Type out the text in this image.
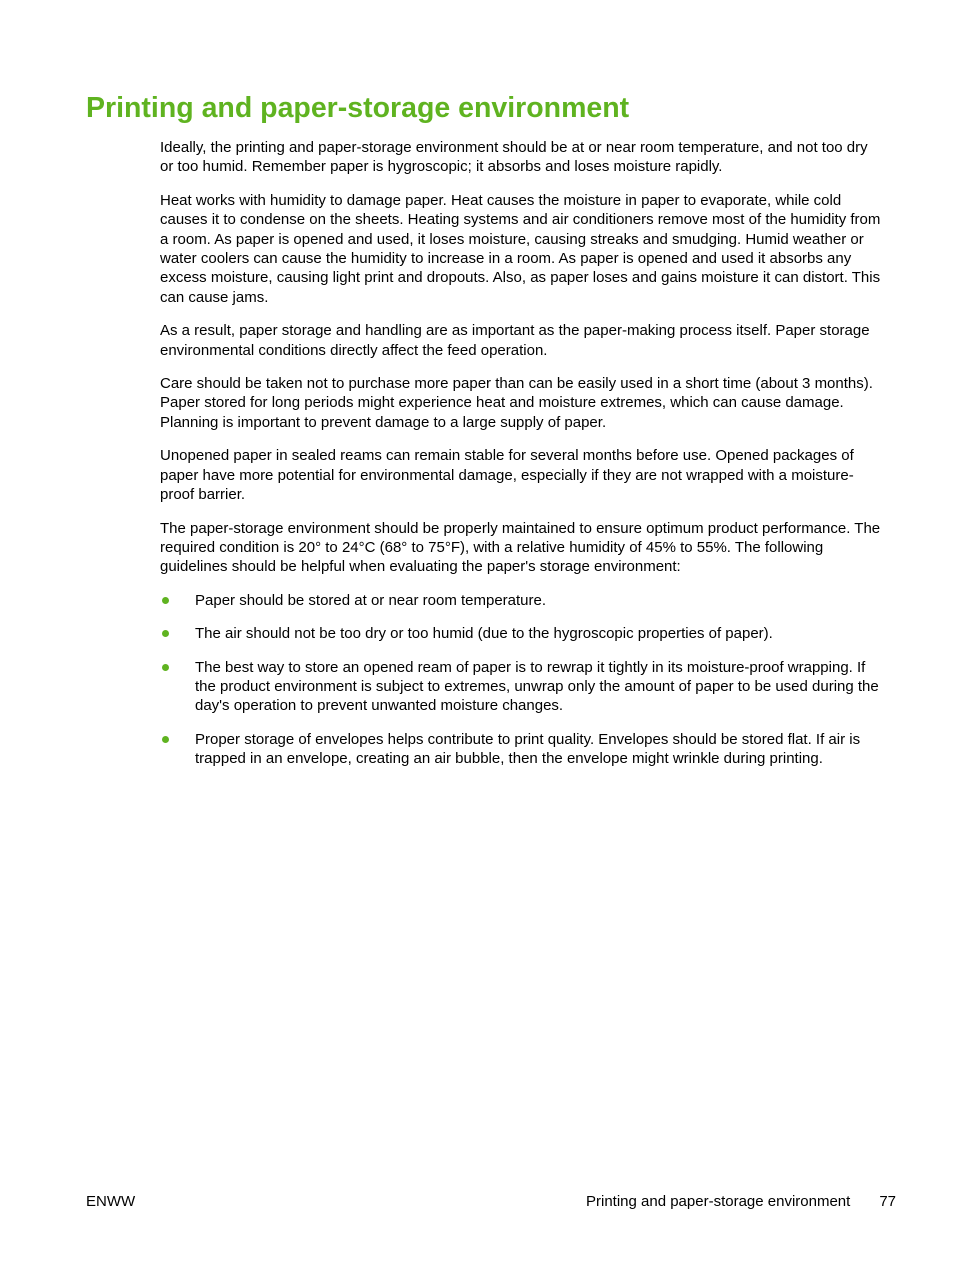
Printing and paper-storage environment

Ideally, the printing and paper-storage environment should be at or near room temperature, and not too dry or too humid. Remember paper is hygroscopic; it absorbs and loses moisture rapidly.

Heat works with humidity to damage paper. Heat causes the moisture in paper to evaporate, while cold causes it to condense on the sheets. Heating systems and air conditioners remove most of the humidity from a room. As paper is opened and used, it loses moisture, causing streaks and smudging. Humid weather or water coolers can cause the humidity to increase in a room. As paper is opened and used it absorbs any excess moisture, causing light print and dropouts. Also, as paper loses and gains moisture it can distort. This can cause jams.

As a result, paper storage and handling are as important as the paper-making process itself. Paper storage environmental conditions directly affect the feed operation.

Care should be taken not to purchase more paper than can be easily used in a short time (about 3 months). Paper stored for long periods might experience heat and moisture extremes, which can cause damage. Planning is important to prevent damage to a large supply of paper.

Unopened paper in sealed reams can remain stable for several months before use. Opened packages of paper have more potential for environmental damage, especially if they are not wrapped with a moisture-proof barrier.

The paper-storage environment should be properly maintained to ensure optimum product performance. The required condition is 20° to 24°C (68° to 75°F), with a relative humidity of 45% to 55%. The following guidelines should be helpful when evaluating the paper's storage environment:

Paper should be stored at or near room temperature.
The air should not be too dry or too humid (due to the hygroscopic properties of paper).
The best way to store an opened ream of paper is to rewrap it tightly in its moisture-proof wrapping. If the product environment is subject to extremes, unwrap only the amount of paper to be used during the day's operation to prevent unwanted moisture changes.
Proper storage of envelopes helps contribute to print quality. Envelopes should be stored flat. If air is trapped in an envelope, creating an air bubble, then the envelope might wrinkle during printing.
ENWW	Printing and paper-storage environment 77
